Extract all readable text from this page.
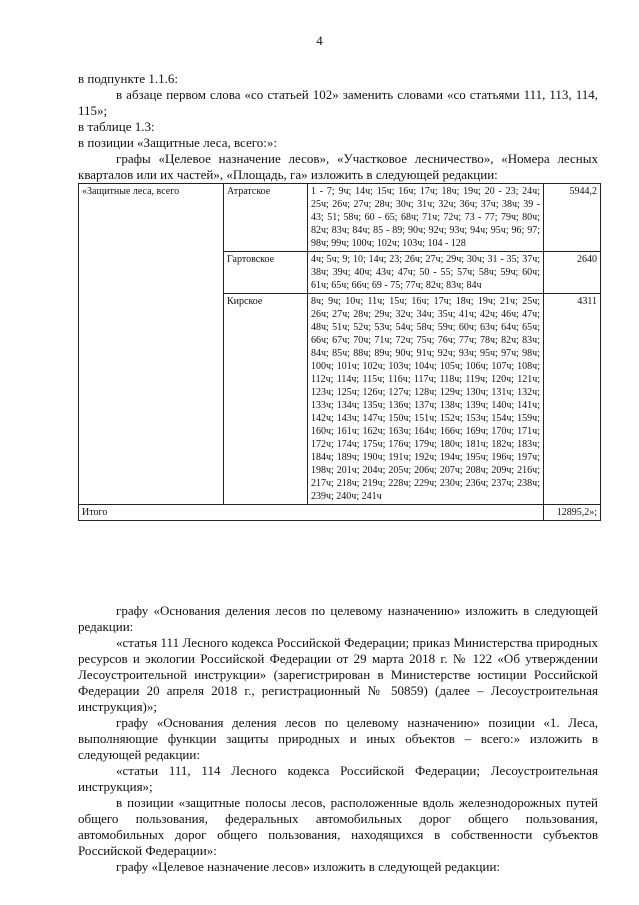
4
в подпункте 1.1.6:
в абзаце первом слова «со статьей 102» заменить словами «со статьями 111, 113, 114, 115»;
в таблице 1.3:
в позиции «Защитные леса, всего:»:
графы «Целевое назначение лесов», «Участковое лесничество», «Номера лесных кварталов или их частей», «Площадь, га» изложить в следующей редакции:
«Защитные леса, всего	Атратское	1 - 7; 9ч; 14ч; 15ч; 16ч; 17ч; 18ч; 19ч; 20 - 23; 24ч; 25ч; 26ч; 27ч; 28ч; 30ч; 31ч; 32ч; 36ч; 37ч; 38ч; 39 - 43; 51; 58ч; 60 - 65; 68ч; 71ч; 72ч; 73 - 77; 79ч; 80ч; 82ч; 83ч; 84ч; 85 - 89; 90ч; 92ч; 93ч; 94ч; 95ч; 96; 97; 98ч; 99ч; 100ч; 102ч; 103ч; 104 - 128	5944,2
	Гартовское	4ч; 5ч; 9; 10; 14ч; 23; 26ч; 27ч; 29ч; 30ч; 31 - 35; 37ч; 38ч; 39ч; 40ч; 43ч; 47ч; 50 - 55; 57ч; 58ч; 59ч; 60ч; 61ч; 65ч; 66ч; 69 - 75; 77ч; 82ч; 83ч; 84ч	2640
	Кирское	8ч; 9ч; 10ч; 11ч; 15ч; 16ч; 17ч; 18ч; 19ч; 21ч; 25ч; 26ч; 27ч; 28ч; 29ч; 32ч; 34ч; 35ч; 41ч; 42ч; 46ч; 47ч; 48ч; 51ч; 52ч; 53ч; 54ч; 58ч; 59ч; 60ч; 63ч; 64ч; 65ч; 66ч; 67ч; 70ч; 71ч; 72ч; 75ч; 76ч; 77ч; 78ч; 82ч; 83ч; 84ч; 85ч; 88ч; 89ч; 90ч; 91ч; 92ч; 93ч; 95ч; 97ч; 98ч; 100ч; 101ч; 102ч; 103ч; 104ч; 105ч; 106ч; 107ч; 108ч; 112ч; 114ч; 115ч; 116ч; 117ч; 118ч; 119ч; 120ч; 121ч; 123ч; 125ч; 126ч; 127ч; 128ч; 129ч; 130ч; 131ч; 132ч; 133ч; 134ч; 135ч; 136ч; 137ч; 138ч; 139ч; 140ч; 141ч; 142ч; 143ч; 147ч; 150ч; 151ч; 152ч; 153ч; 154ч; 159ч; 160ч; 161ч; 162ч; 163ч; 164ч; 166ч; 169ч; 170ч; 171ч; 172ч; 174ч; 175ч; 176ч; 179ч; 180ч; 181ч; 182ч; 183ч; 184ч; 189ч; 190ч; 191ч; 192ч; 194ч; 195ч; 196ч; 197ч; 198ч; 201ч; 204ч; 205ч; 206ч; 207ч; 208ч; 209ч; 216ч; 217ч; 218ч; 219ч; 228ч; 229ч; 230ч; 236ч; 237ч; 238ч; 239ч; 240ч; 241ч	4311
Итого			12895,2»;
графу «Основания деления лесов по целевому назначению» изложить в следующей редакции:
«статья 111 Лесного кодекса Российской Федерации; приказ Министерства природных ресурсов и экологии Российской Федерации от 29 марта 2018 г. № 122 «Об утверждении Лесоустроительной инструкции» (зарегистрирован в Министерстве юстиции Российской Федерации 20 апреля 2018 г., регистрационный № 50859) (далее – Лесоустроительная инструкция)»;
графу «Основания деления лесов по целевому назначению» позиции «1. Леса, выполняющие функции защиты природных и иных объектов – всего:» изложить в следующей редакции:
«статьи 111, 114 Лесного кодекса Российской Федерации; Лесоустроительная инструкция»;
в позиции «защитные полосы лесов, расположенные вдоль железнодорожных путей общего пользования, федеральных автомобильных дорог общего пользования, автомобильных дорог общего пользования, находящихся в собственности субъектов Российской Федерации»:
графу «Целевое назначение лесов» изложить в следующей редакции:
